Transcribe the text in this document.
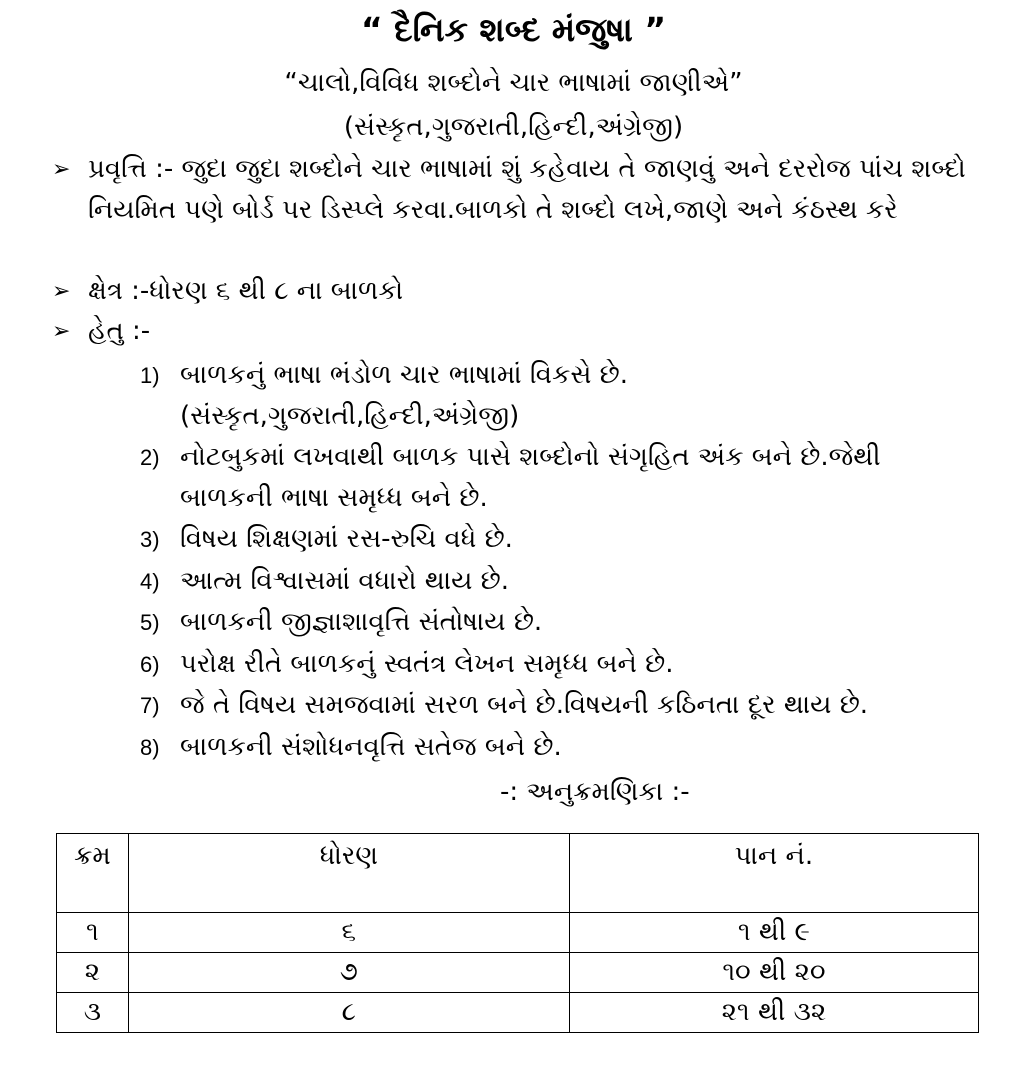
“ દૈનિક શબ્દ મંજુષા ”
“ચાલો,વિવિધ શબ્દોને ચાર ભાષામાં જાણીએ”
(સંસ્કૃત,ગુજરાતી,હિન્દી,અંગ્રેજી)
➢ પ્રવૃત્તિ :- જુદા જુદા શબ્દોને ચાર ભાષામાં શું કહેવાય તે જાણવું અને દરરોજ પાંચ શબ્દો નિયમિત પણે બોર્ડ પર ડિસ્પ્લે કરવા.બાળકો તે શબ્દો લખે,જાણે અને કંઠસ્થ કરે
➢ ક્ષેત્ર :-ધોરણ ૬ થી ૮ ના બાળકો
➢ હેતુ :-
1) બાળકનું ભાષા ભંડોળ ચાર ભાષામાં વિકસે છે.
(સંસ્કૃત,ગુજરાતી,હિન્દી,અંગ્રેજી)
2) નોટબુકમાં લખવાથી બાળક પાસે શબ્દોનો સંગૃહિત અંક બને છે.જેથી
બાળકની ભાષા સમૃધ્ધ બને છે.
3) વિષય શિક્ષણમાં રસ-રુચિ વધે છે.
4) આત્મ વિશ્વાસમાં વધારો થાય છે.
5) બાળકની જીજ્ઞાશાવૃત્તિ સંતોષાય છે.
6) પરોક્ષ રીતે બાળકનું સ્વતંત્ર લેખન સમૃધ્ધ બને છે.
7) જે તે વિષય સમજવામાં સરળ બને છે.વિષયની કઠિનતા દૂર થાય છે.
8) બાળકની સંશોધનવૃત્તિ સતેજ બને છે.
-: અનુક્રમણિકા :-
ક્રમ	ધોરણ	પાન નં.
૧	૬	૧ થી ૯
૨	૭	૧૦ થી ૨૦
૩	૮	૨૧ થી ૩૨
